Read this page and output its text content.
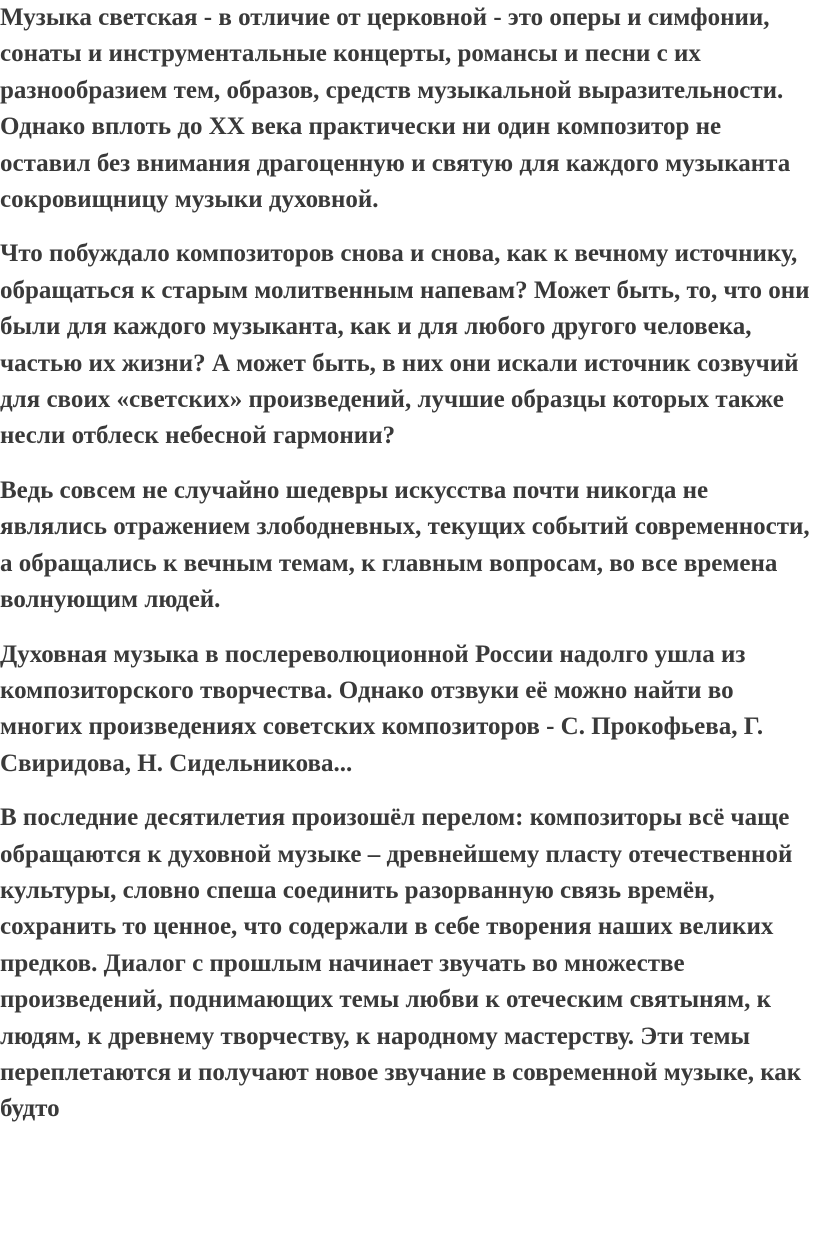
Музыка светская - в отличие от церковной - это оперы и симфонии, сонаты и инструментальные концерты, романсы и песни с их разнообразием тем, образов, средств музыкальной выразительности. Однако вплоть до XX века практически ни один композитор не оставил без внимания драгоценную и святую для каждого музыканта сокровищницу музыки духовной.

Что побуждало композиторов снова и снова, как к вечному источнику, обращаться к старым молитвенным напевам? Может быть, то, что они были для каждого музыканта, как и для любого другого человека, частью их жизни? А может быть, в них они искали источник созвучий для своих «светских» произведений, лучшие образцы которых также несли отблеск небесной гармонии?

Ведь совсем не случайно шедевры искусства почти никогда не являлись отражением злободневных, текущих событий современности, а обращались к вечным темам, к главным вопросам, во все времена волнующим людей.

Духовная музыка в послереволюционной России надолго ушла из композиторского творчества. Однако отзвуки её можно найти во многих произведениях советских композиторов - С. Прокофьева, Г. Свиридова, Н. Сидельникова...

В последние десятилетия произошёл перелом: композиторы всё чаще обращаются к духовной музыке – древнейшему пласту отечественной культуры, словно спеша соединить разорванную связь времён, сохранить то ценное, что содержали в себе творения наших великих предков. Диалог с прошлым начинает звучать во множестве произведений, поднимающих темы любви к отеческим святыням, к людям, к древнему творчеству, к народному мастерству. Эти темы переплетаются и получают новое звучание в современной музыке, как будто
